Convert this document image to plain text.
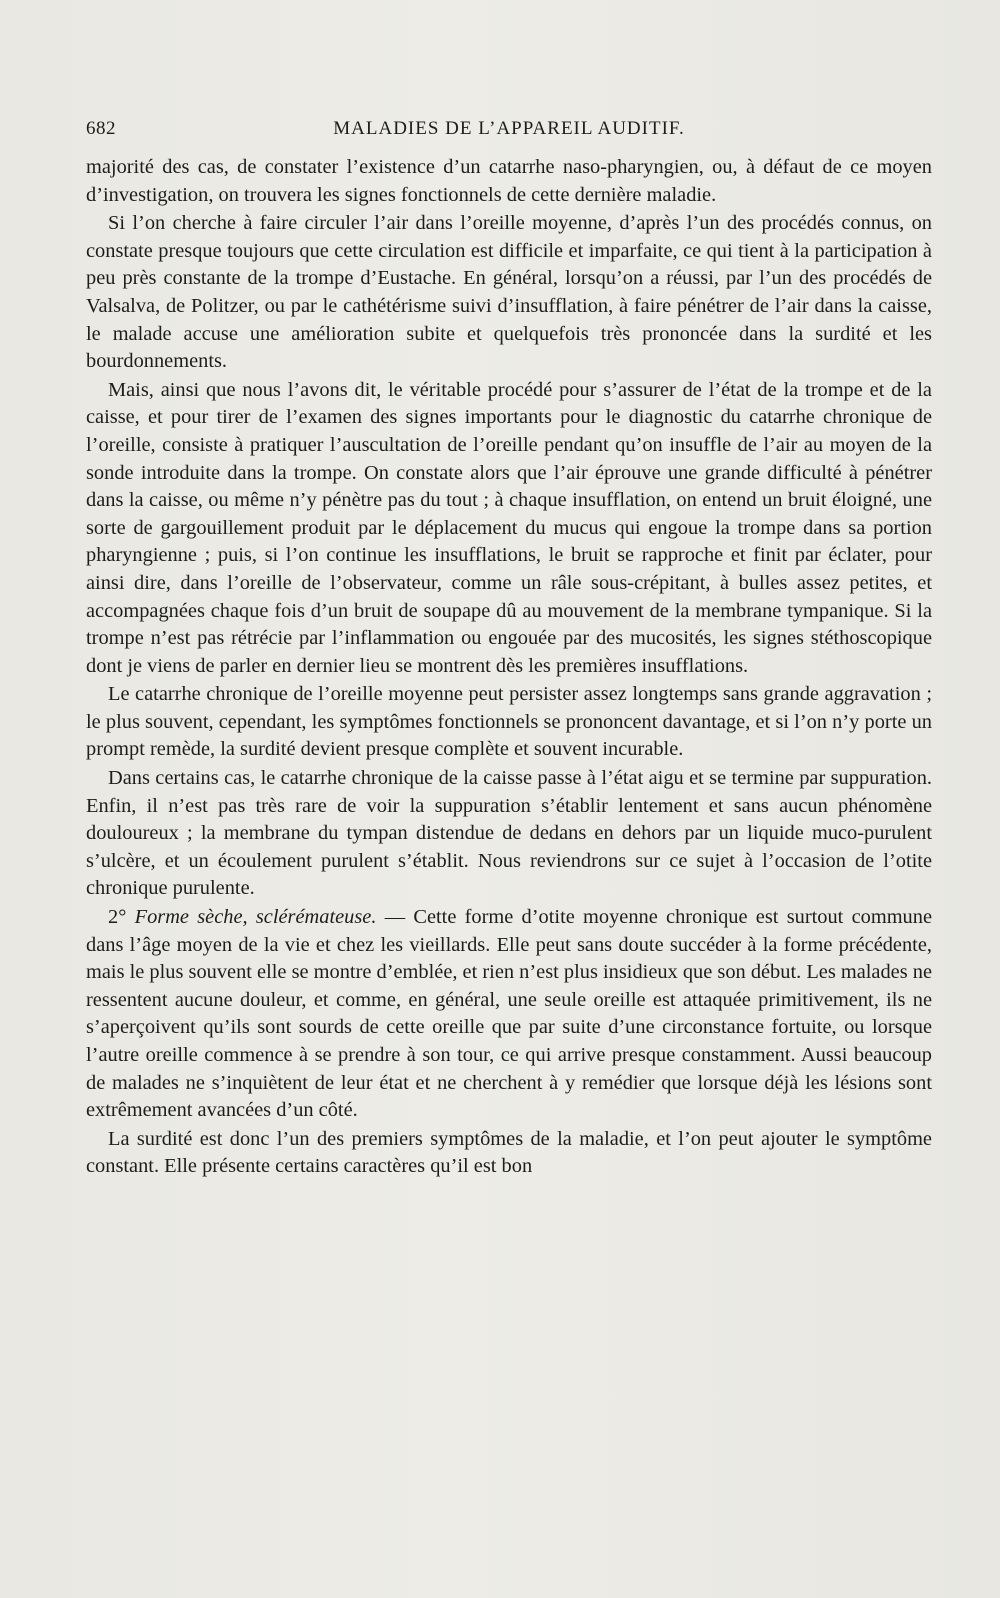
MALADIES DE L’APPAREIL AUDITIF.
682

majorité des cas, de constater l’existence d’un catarrhe naso-pharyngien, ou, à défaut de ce moyen d’investigation, on trouvera les signes fonctionnels de cette dernière maladie.

Si l’on cherche à faire circuler l’air dans l’oreille moyenne, d’après l’un des procédés connus, on constate presque toujours que cette circulation est difficile et imparfaite, ce qui tient à la participation à peu près constante de la trompe d’Eustache. En général, lorsqu’on a réussi, par l’un des procédés de Valsalva, de Politzer, ou par le cathétérisme suivi d’insufflation, à faire pénétrer de l’air dans la caisse, le malade accuse une amélioration subite et quelquefois très prononcée dans la surdité et les bourdonnements.

Mais, ainsi que nous l’avons dit, le véritable procédé pour s’assurer de l’état de la trompe et de la caisse, et pour tirer de l’examen des signes importants pour le diagnostic du catarrhe chronique de l’oreille, consiste à pratiquer l’auscultation de l’oreille pendant qu’on insuffle de l’air au moyen de la sonde introduite dans la trompe. On constate alors que l’air éprouve une grande difficulté à pénétrer dans la caisse, ou même n’y pénètre pas du tout ; à chaque insufflation, on entend un bruit éloigné, une sorte de gargouillement produit par le déplacement du mucus qui engoue la trompe dans sa portion pharyngienne ; puis, si l’on continue les insufflations, le bruit se rapproche et finit par éclater, pour ainsi dire, dans l’oreille de l’observateur, comme un râle sous-crépitant, à bulles assez petites, et accompagnées chaque fois d’un bruit de soupape dû au mouvement de la membrane tympanique. Si la trompe n’est pas rétrécie par l’inflammation ou engouée par des mucosités, les signes stéthoscopique dont je viens de parler en dernier lieu se montrent dès les premières insufflations.

Le catarrhe chronique de l’oreille moyenne peut persister assez longtemps sans grande aggravation ; le plus souvent, cependant, les symptômes fonctionnels se prononcent davantage, et si l’on n’y porte un prompt remède, la surdité devient presque complète et souvent incurable.

Dans certains cas, le catarrhe chronique de la caisse passe à l’état aigu et se termine par suppuration. Enfin, il n’est pas très rare de voir la suppuration s’établir lentement et sans aucun phénomène douloureux ; la membrane du tympan distendue de dedans en dehors par un liquide muco-purulent s’ulcère, et un écoulement purulent s’établit. Nous reviendrons sur ce sujet à l’occasion de l’otite chronique purulente.

2° Forme sèche, sclérémateuse. — Cette forme d’otite moyenne chronique est surtout commune dans l’âge moyen de la vie et chez les vieillards. Elle peut sans doute succéder à la forme précédente, mais le plus souvent elle se montre d’emblée, et rien n’est plus insidieux que son début. Les malades ne ressentent aucune douleur, et comme, en général, une seule oreille est attaquée primitivement, ils ne s’aperçoivent qu’ils sont sourds de cette oreille que par suite d’une circonstance fortuite, ou lorsque l’autre oreille commence à se prendre à son tour, ce qui arrive presque constamment. Aussi beaucoup de malades ne s’inquiètent de leur état et ne cherchent à y remédier que lorsque déjà les lésions sont extrêmement avancées d’un côté.

La surdité est donc l’un des premiers symptômes de la maladie, et l’on peut ajouter le symptôme constant. Elle présente certains caractères qu’il est bon
